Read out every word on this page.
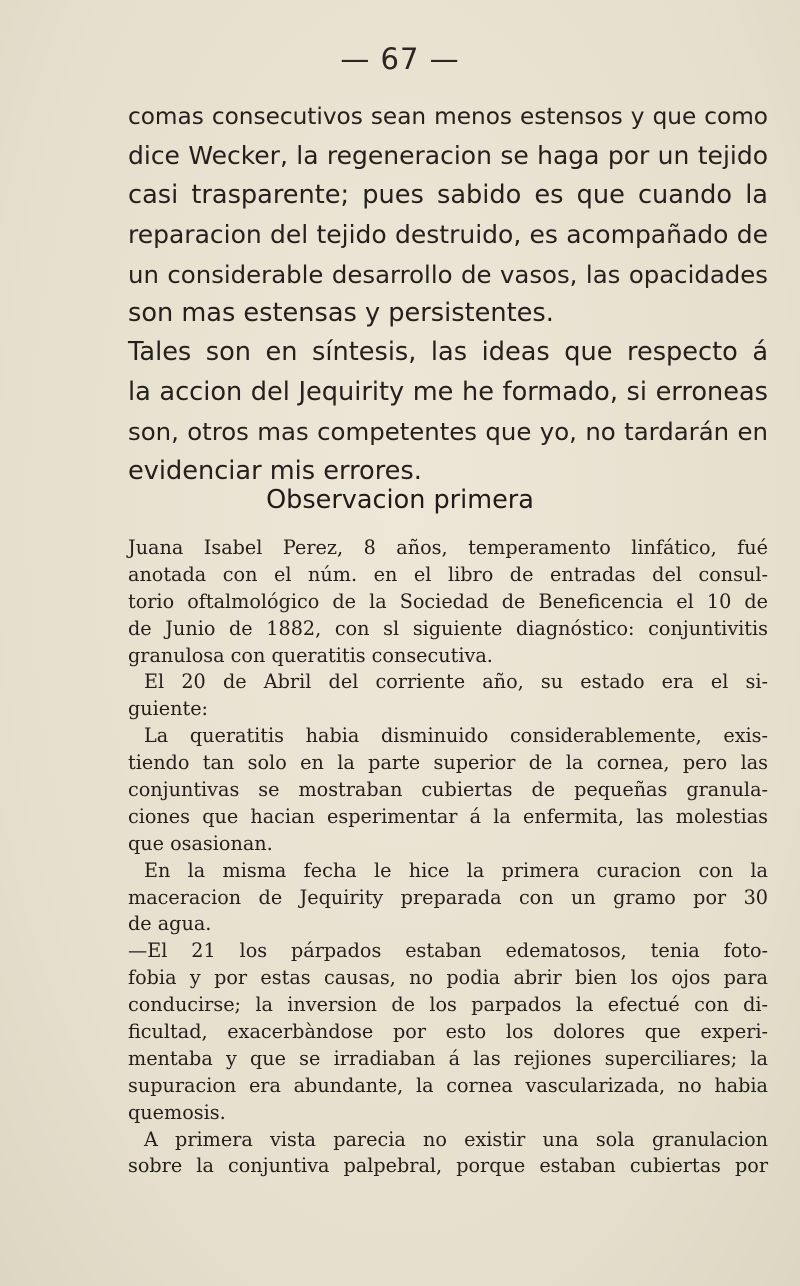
— 67 —
comas consecutivos sean menos estensos y que como
dice Wecker, la regeneracion se haga por un tejido
casi trasparente; pues sabido es que cuando la
reparacion del tejido destruido, es acompañado de
un considerable desarrollo de vasos, las opacidades
son mas estensas y persistentes.
Tales son en síntesis, las ideas que respecto á
la accion del Jequirity me he formado, si erroneas
son, otros mas competentes que yo, no tardarán en
evidenciar mis errores.
Observacion primera
Juana Isabel Perez, 8 años, temperamento linfático, fué
anotada con el núm. en el libro de entradas del consul-
torio oftalmológico de la Sociedad de Beneficencia el 10 de
de Junio de 1882, con sl siguiente diagnóstico: conjuntivitis
granulosa con queratitis consecutiva.
El 20 de Abril del corriente año, su estado era el si-
guiente:
La queratitis habia disminuido considerablemente, exis-
tiendo tan solo en la parte superior de la cornea, pero las
conjuntivas se mostraban cubiertas de pequeñas granula-
ciones que hacian esperimentar á la enfermita, las molestias
que osasionan.
En la misma fecha le hice la primera curacion con la
maceracion de Jequirity preparada con un gramo por 30
de agua.
—El 21 los párpados estaban edematosos, tenia foto-
fobia y por estas causas, no podia abrir bien los ojos para
conducirse; la inversion de los parpados la efectué con di-
ficultad, exacerbàndose por esto los dolores que experi-
mentaba y que se irradiaban á las rejiones superciliares; la
supuracion era abundante, la cornea vascularizada, no habia
quemosis.
A primera vista parecia no existir una sola granulacion
sobre la conjuntiva palpebral, porque estaban cubiertas por
